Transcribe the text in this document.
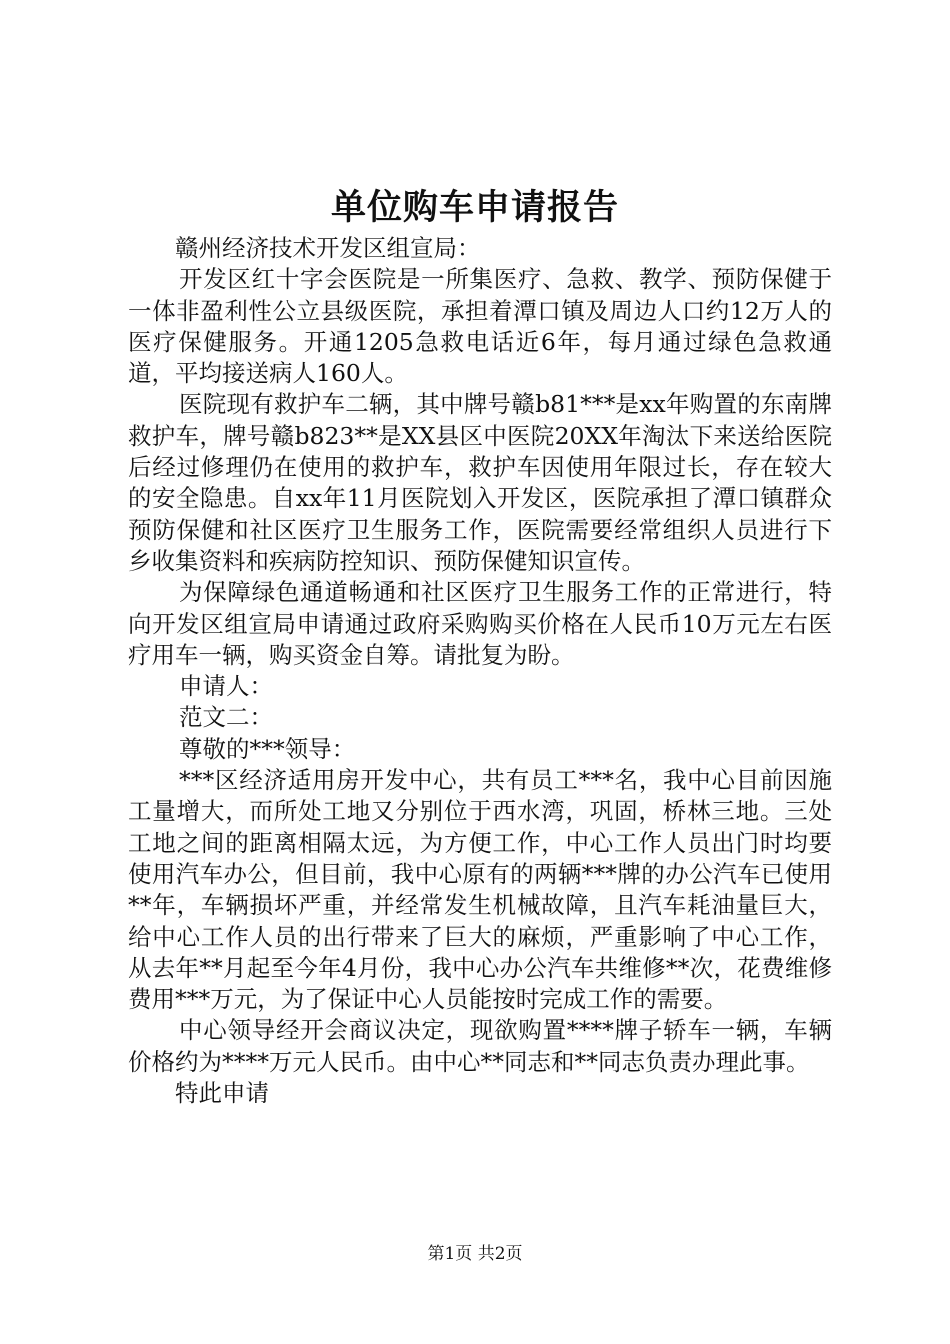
单位购车申请报告

赣州经济技术开发区组宣局：

开发区红十字会医院是一所集医疗、急救、教学、预防保健于一体非盈利性公立县级医院，承担着潭口镇及周边人口约12万人的医疗保健服务。开通1205急救电话近6年，每月通过绿色急救通道，平均接送病人160人。

医院现有救护车二辆，其中牌号赣b81***是xx年购置的东南牌救护车，牌号赣b823**是XX县区中医院20XX年淘汰下来送给医院后经过修理仍在使用的救护车，救护车因使用年限过长，存在较大的安全隐患。自xx年11月医院划入开发区，医院承担了潭口镇群众预防保健和社区医疗卫生服务工作，医院需要经常组织人员进行下乡收集资料和疾病防控知识、预防保健知识宣传。

为保障绿色通道畅通和社区医疗卫生服务工作的正常进行，特向开发区组宣局申请通过政府采购购买价格在人民币10万元左右医疗用车一辆，购买资金自筹。请批复为盼。

申请人：

范文二：

尊敬的***领导：

***区经济适用房开发中心，共有员工***名，我中心目前因施工量增大，而所处工地又分别位于西水湾，巩固，桥林三地。三处工地之间的距离相隔太远，为方便工作，中心工作人员出门时均要使用汽车办公，但目前，我中心原有的两辆***牌的办公汽车已使用**年，车辆损坏严重，并经常发生机械故障，且汽车耗油量巨大，给中心工作人员的出行带来了巨大的麻烦，严重影响了中心工作，从去年**月起至今年4月份，我中心办公汽车共维修**次，花费维修费用***万元，为了保证中心人员能按时完成工作的需要。

中心领导经开会商议决定，现欲购置****牌子轿车一辆，车辆价格约为****万元人民币。由中心**同志和**同志负责办理此事。

特此申请

第1页 共2页
